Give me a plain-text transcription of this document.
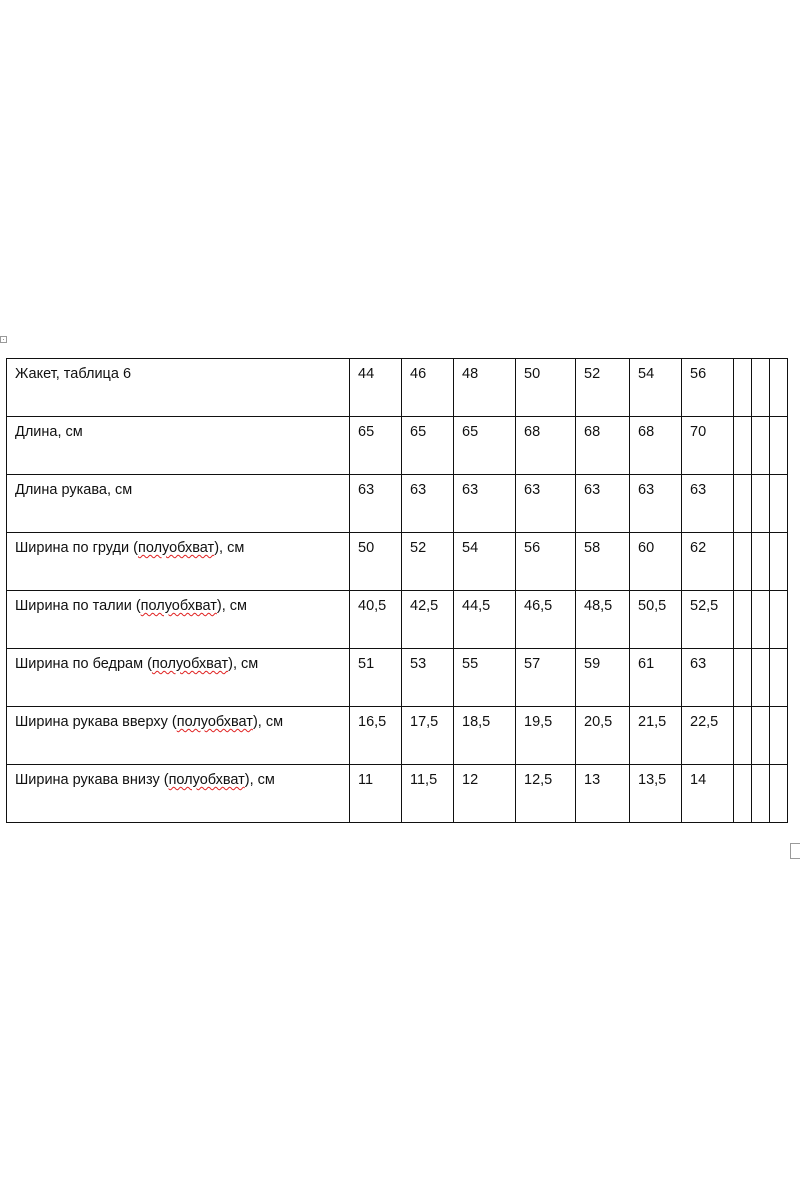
Жакет, таблица 6	44	46	48	50	52	54	56			
Длина, см	65	65	65	68	68	68	70			
Длина рукава, см	63	63	63	63	63	63	63			
Ширина по груди (полуобхват), см	50	52	54	56	58	60	62			
Ширина по талии (полуобхват), см	40,5	42,5	44,5	46,5	48,5	50,5	52,5			
Ширина по бедрам (полуобхват), см	51	53	55	57	59	61	63			
Ширина рукава вверху (полуобхват), см	16,5	17,5	18,5	19,5	20,5	21,5	22,5			
Ширина рукава внизу (полуобхват), см	11	11,5	12	12,5	13	13,5	14			
